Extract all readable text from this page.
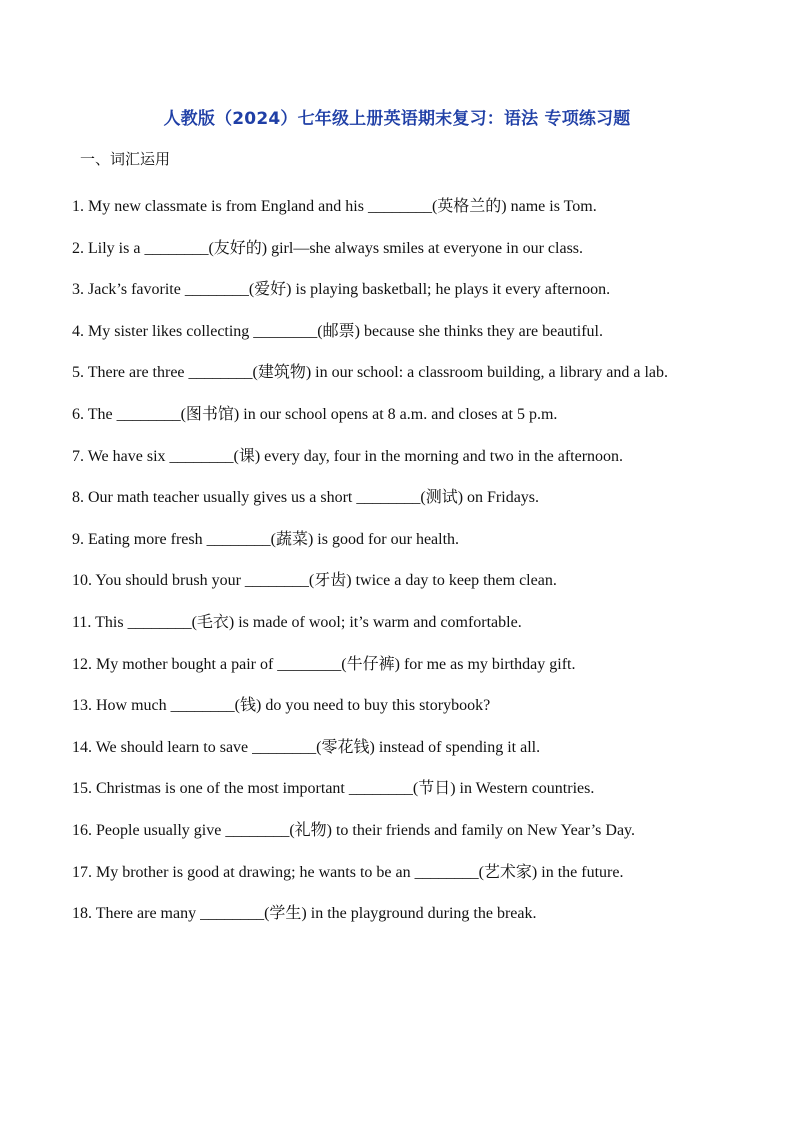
人教版（2024）七年级上册英语期末复习：语法 专项练习题
一、词汇运用
1. My new classmate is from England and his ________(英格兰的) name is Tom.
2. Lily is a ________(友好的) girl—she always smiles at everyone in our class.
3. Jack’s favorite ________(爱好) is playing basketball; he plays it every afternoon.
4. My sister likes collecting ________(邮票) because she thinks they are beautiful.
5. There are three ________(建筑物) in our school: a classroom building, a library and a lab.
6. The ________(图书馆) in our school opens at 8 a.m. and closes at 5 p.m.
7. We have six ________(课) every day, four in the morning and two in the afternoon.
8. Our math teacher usually gives us a short ________(测试) on Fridays.
9. Eating more fresh ________(蔬菜) is good for our health.
10. You should brush your ________(牙齿) twice a day to keep them clean.
11. This ________(毛衣) is made of wool; it’s warm and comfortable.
12. My mother bought a pair of ________(牛仔裤) for me as my birthday gift.
13. How much ________(钱) do you need to buy this storybook?
14. We should learn to save ________(零花钱) instead of spending it all.
15. Christmas is one of the most important ________(节日) in Western countries.
16. People usually give ________(礼物) to their friends and family on New Year’s Day.
17. My brother is good at drawing; he wants to be an ________(艺术家) in the future.
18. There are many ________(学生) in the playground during the break.
